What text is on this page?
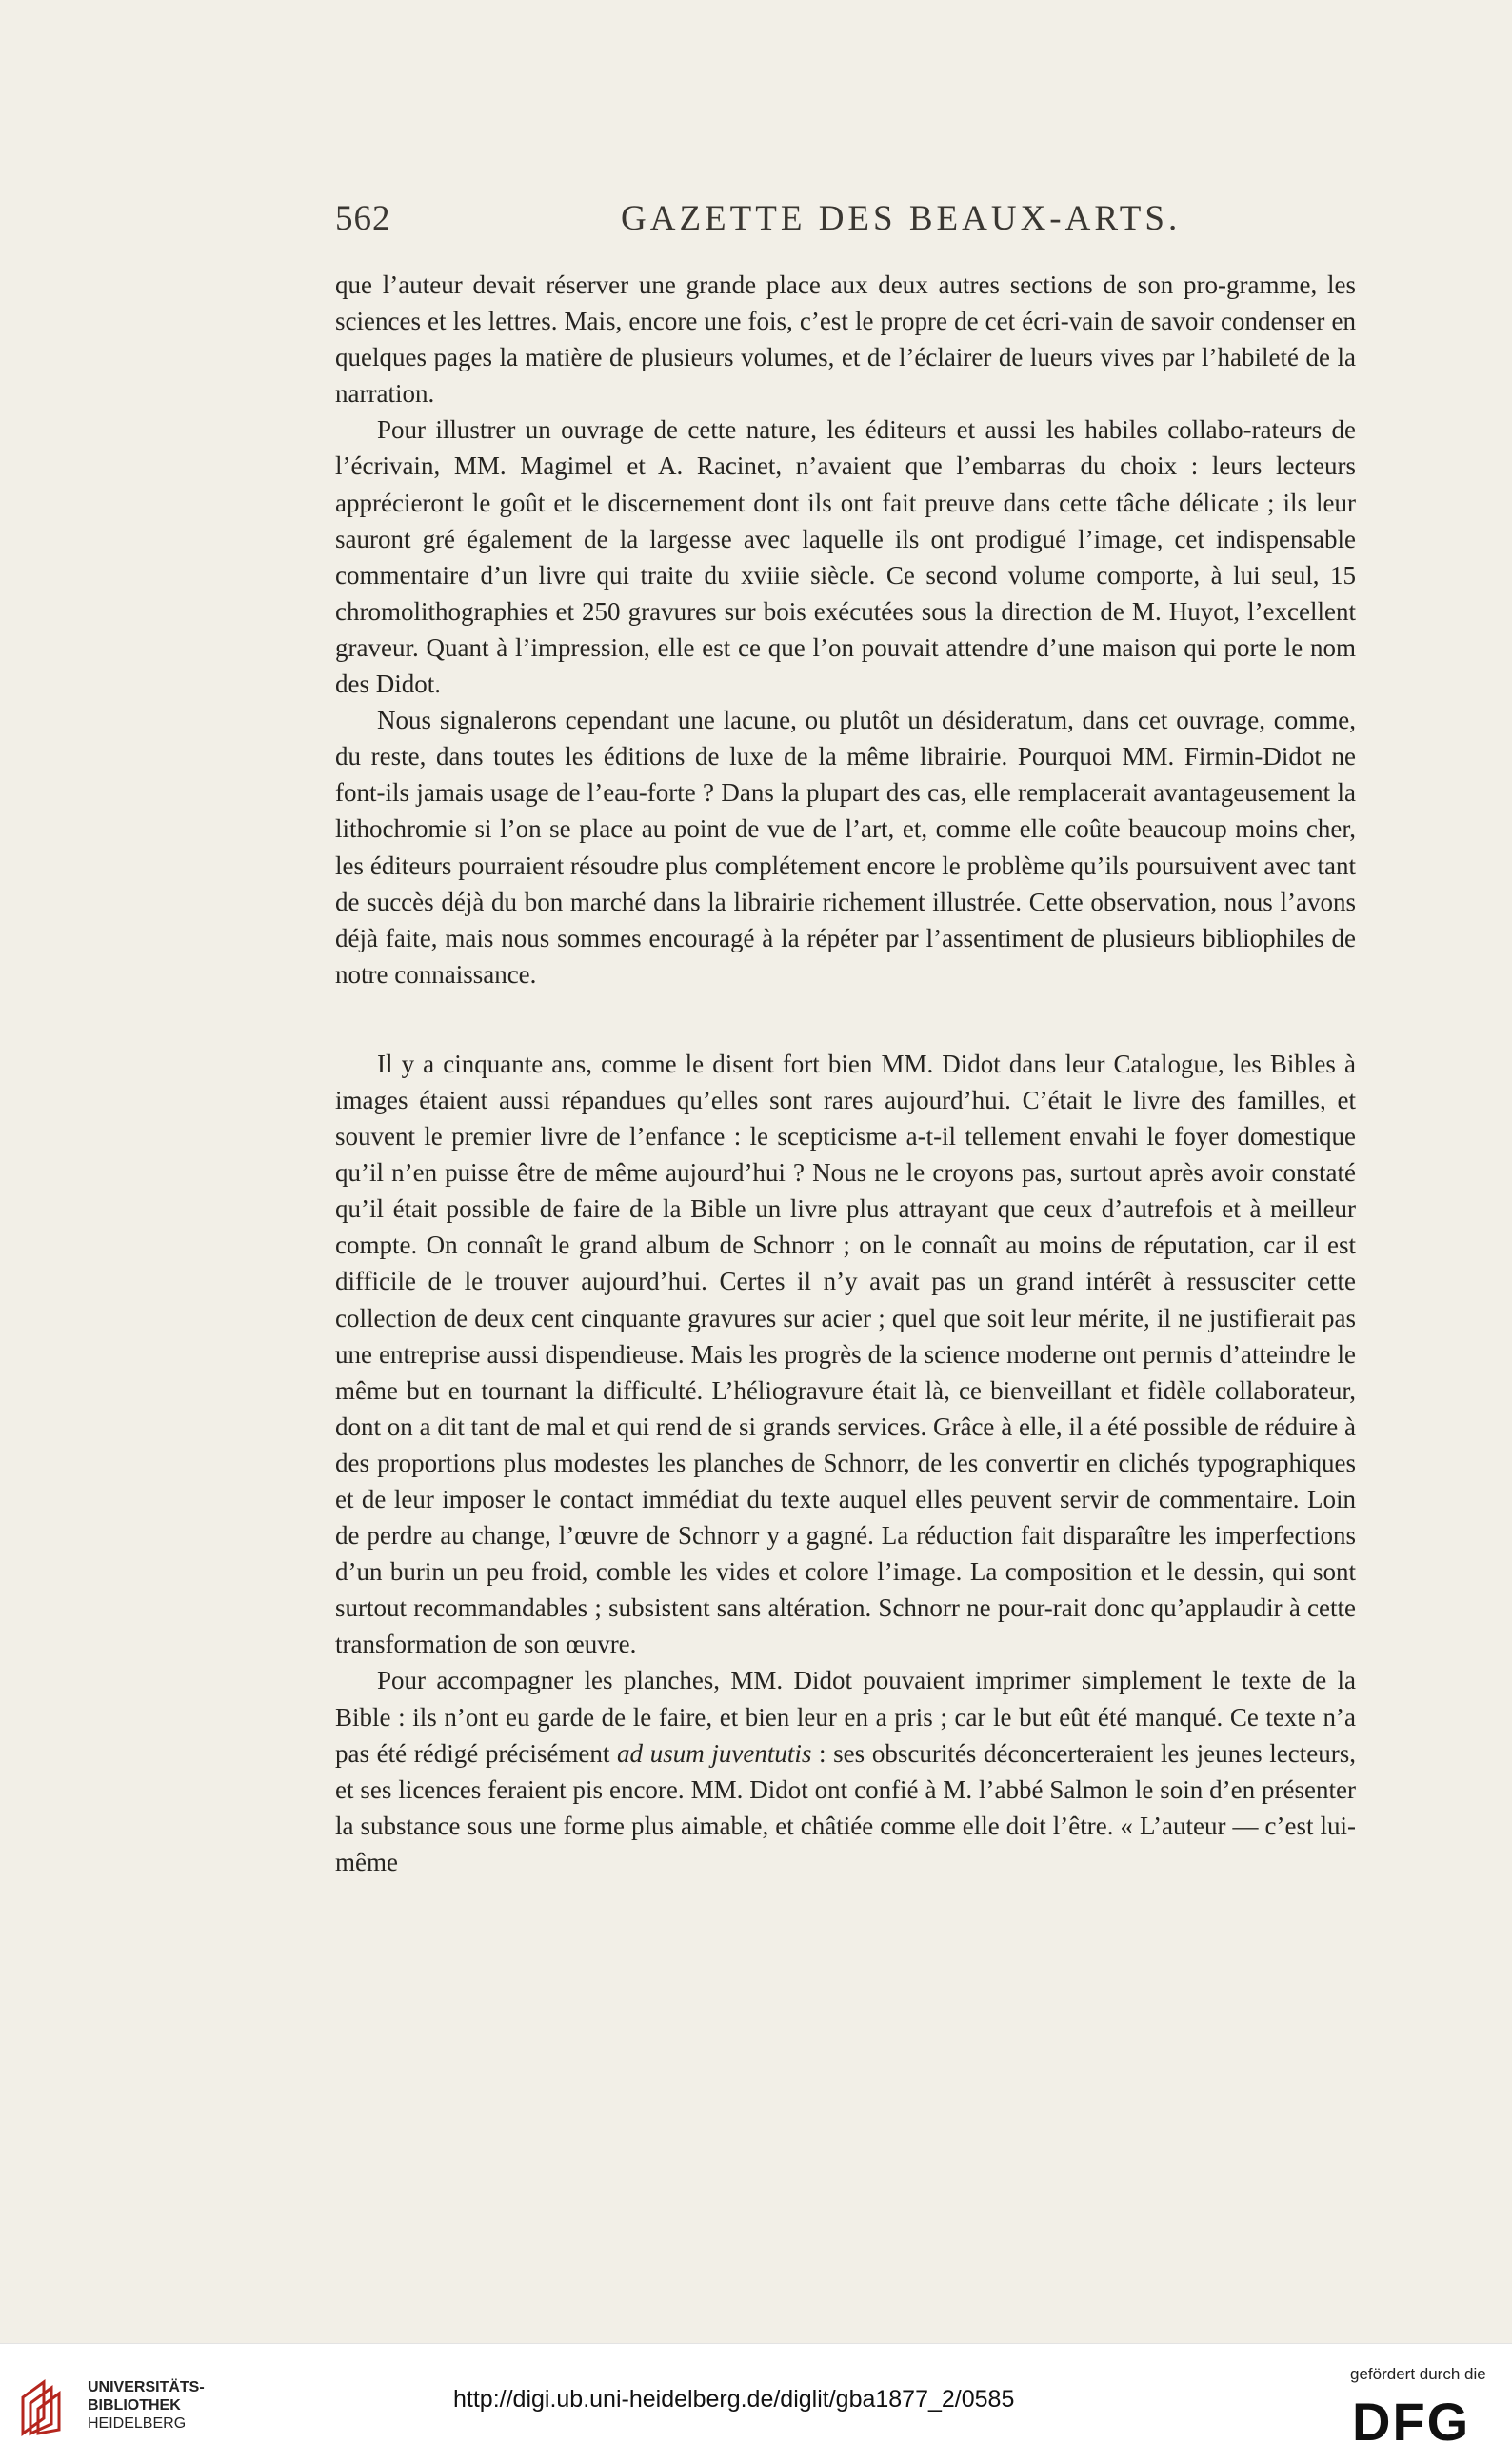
562	GAZETTE DES BEAUX-ARTS.

que l’auteur devait réserver une grande place aux deux autres sections de son pro-gramme, les sciences et les lettres. Mais, encore une fois, c’est le propre de cet écri-vain de savoir condenser en quelques pages la matière de plusieurs volumes, et de l’éclairer de lueurs vives par l’habileté de la narration.

Pour illustrer un ouvrage de cette nature, les éditeurs et aussi les habiles collabo-rateurs de l’écrivain, MM. Magimel et A. Racinet, n’avaient que l’embarras du choix : leurs lecteurs apprécieront le goût et le discernement dont ils ont fait preuve dans cette tâche délicate ; ils leur sauront gré également de la largesse avec laquelle ils ont prodigué l’image, cet indispensable commentaire d’un livre qui traite du xviiie siècle. Ce second volume comporte, à lui seul, 15 chromolithographies et 250 gravures sur bois exécutées sous la direction de M. Huyot, l’excellent graveur. Quant à l’impression, elle est ce que l’on pouvait attendre d’une maison qui porte le nom des Didot.

Nous signalerons cependant une lacune, ou plutôt un désideratum, dans cet ouvrage, comme, du reste, dans toutes les éditions de luxe de la même librairie. Pourquoi MM. Firmin-Didot ne font-ils jamais usage de l’eau-forte ? Dans la plupart des cas, elle remplacerait avantageusement la lithochromie si l’on se place au point de vue de l’art, et, comme elle coûte beaucoup moins cher, les éditeurs pourraient résoudre plus complétement encore le problème qu’ils poursuivent avec tant de succès déjà du bon marché dans la librairie richement illustrée. Cette observation, nous l’avons déjà faite, mais nous sommes encouragé à la répéter par l’assentiment de plusieurs bibliophiles de notre connaissance.

Il y a cinquante ans, comme le disent fort bien MM. Didot dans leur Catalogue, les Bibles à images étaient aussi répandues qu’elles sont rares aujourd’hui. C’était le livre des familles, et souvent le premier livre de l’enfance : le scepticisme a-t-il tellement envahi le foyer domestique qu’il n’en puisse être de même aujourd’hui ? Nous ne le croyons pas, surtout après avoir constaté qu’il était possible de faire de la Bible un livre plus attrayant que ceux d’autrefois et à meilleur compte. On connaît le grand album de Schnorr ; on le connaît au moins de réputation, car il est difficile de le trouver aujourd’hui. Certes il n’y avait pas un grand intérêt à ressusciter cette collection de deux cent cinquante gravures sur acier ; quel que soit leur mérite, il ne justifierait pas une entreprise aussi dispendieuse. Mais les progrès de la science moderne ont permis d’atteindre le même but en tournant la difficulté. L’héliogravure était là, ce bienveillant et fidèle collaborateur, dont on a dit tant de mal et qui rend de si grands services. Grâce à elle, il a été possible de réduire à des proportions plus modestes les planches de Schnorr, de les convertir en clichés typographiques et de leur imposer le contact immédiat du texte auquel elles peuvent servir de commentaire. Loin de perdre au change, l’œuvre de Schnorr y a gagné. La réduction fait disparaître les imperfections d’un burin un peu froid, comble les vides et colore l’image. La composition et le dessin, qui sont surtout recommandables ; subsistent sans altération. Schnorr ne pour-rait donc qu’applaudir à cette transformation de son œuvre.

Pour accompagner les planches, MM. Didot pouvaient imprimer simplement le texte de la Bible : ils n’ont eu garde de le faire, et bien leur en a pris ; car le but eût été manqué. Ce texte n’a pas été rédigé précisément ad usum juventutis : ses obscurités déconcerteraient les jeunes lecteurs, et ses licences feraient pis encore. MM. Didot ont confié à M. l’abbé Salmon le soin d’en présenter la substance sous une forme plus aimable, et châtiée comme elle doit l’être. « L’auteur — c’est lui-même

UNIVERSITÄTS-
BIBLIOTHEK
HEIDELBERG
http://digi.ub.uni-heidelberg.de/diglit/gba1877_2/0585
gefördert durch die
DFG
